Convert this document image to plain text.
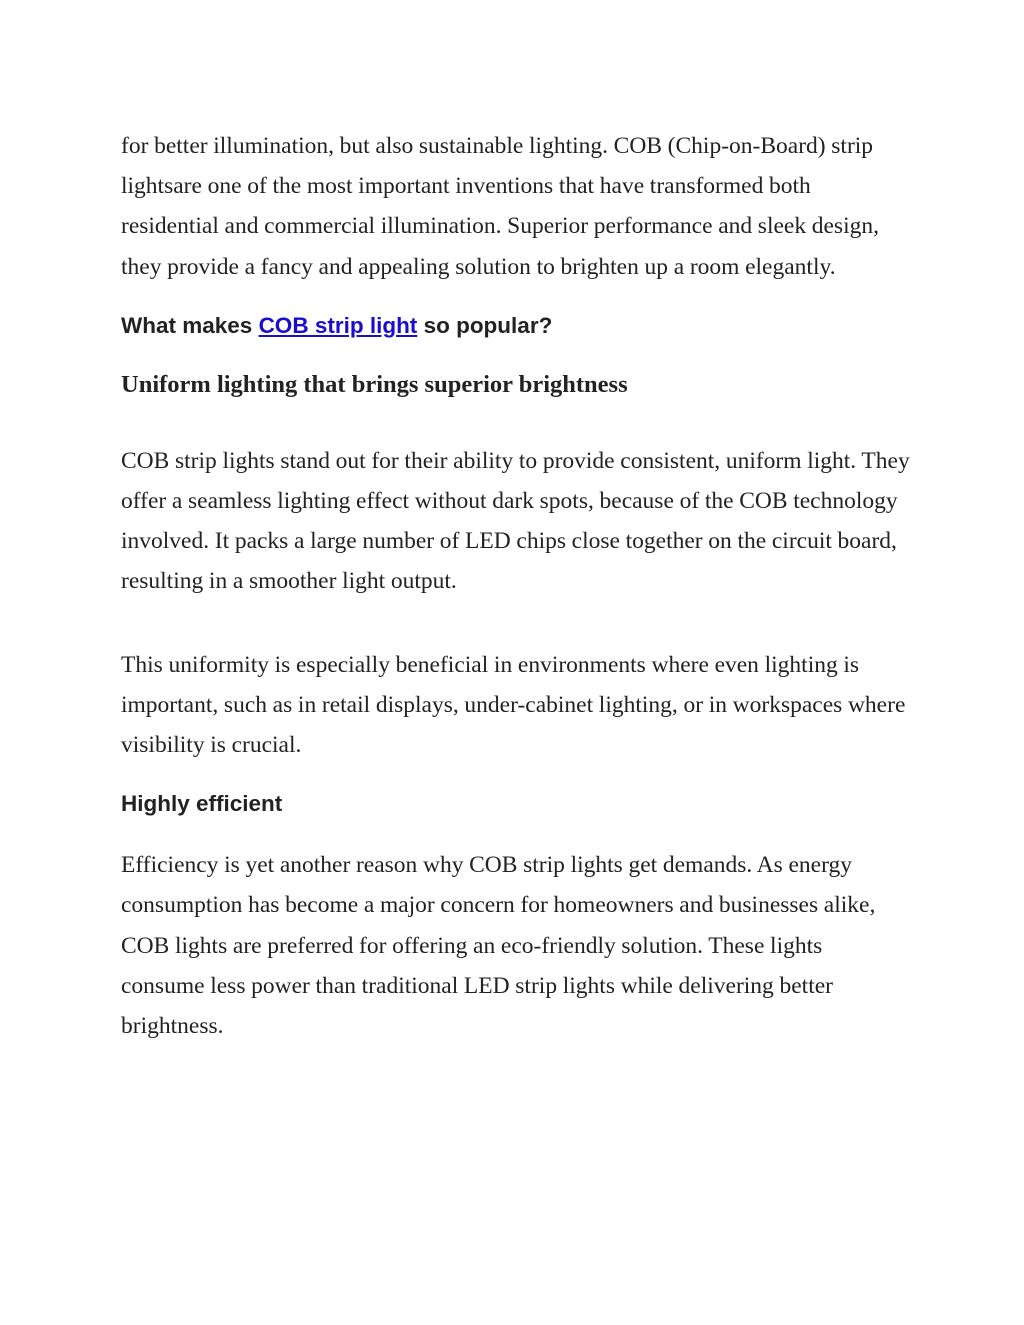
for better illumination, but also sustainable lighting. COB (Chip-on-Board) strip lightsare one of the most important inventions that have transformed both residential and commercial illumination. Superior performance and sleek design, they provide a fancy and appealing solution to brighten up a room elegantly.

What makes COB strip light so popular?
Uniform lighting that brings superior brightness

COB strip lights stand out for their ability to provide consistent, uniform light. They offer a seamless lighting effect without dark spots, because of the COB technology involved. It packs a large number of LED chips close together on the circuit board, resulting in a smoother light output.

This uniformity is especially beneficial in environments where even lighting is important, such as in retail displays, under-cabinet lighting, or in workspaces where visibility is crucial.

Highly efficient

Efficiency is yet another reason why COB strip lights get demands. As energy consumption has become a major concern for homeowners and businesses alike, COB lights are preferred for offering an eco-friendly solution. These lights consume less power than traditional LED strip lights while delivering better brightness.
